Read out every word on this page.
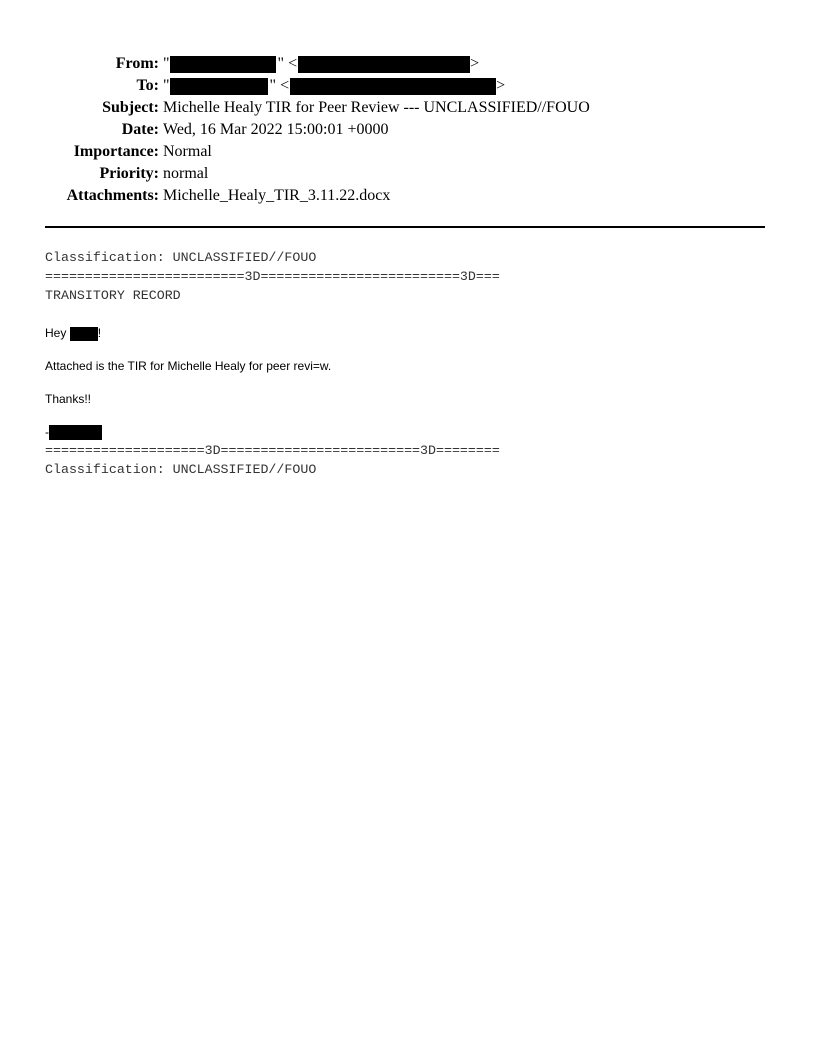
From: "	" <	>
To: "	" <	>
Subject: Michelle Healy TIR for Peer Review --- UNCLASSIFIED//FOUO
Date: Wed, 16 Mar 2022 15:00:01 +0000
Importance: Normal
Priority: normal
Attachments: Michelle_Healy_TIR_3.11.22.docx
Classification: UNCLASSIFIED//FOUO
=========================3D=========================3D===
TRANSITORY RECORD
Hey !
Attached is the TIR for Michelle Healy for peer revi=w.
Thanks!!
-
====================3D=========================3D========
Classification: UNCLASSIFIED//FOUO
